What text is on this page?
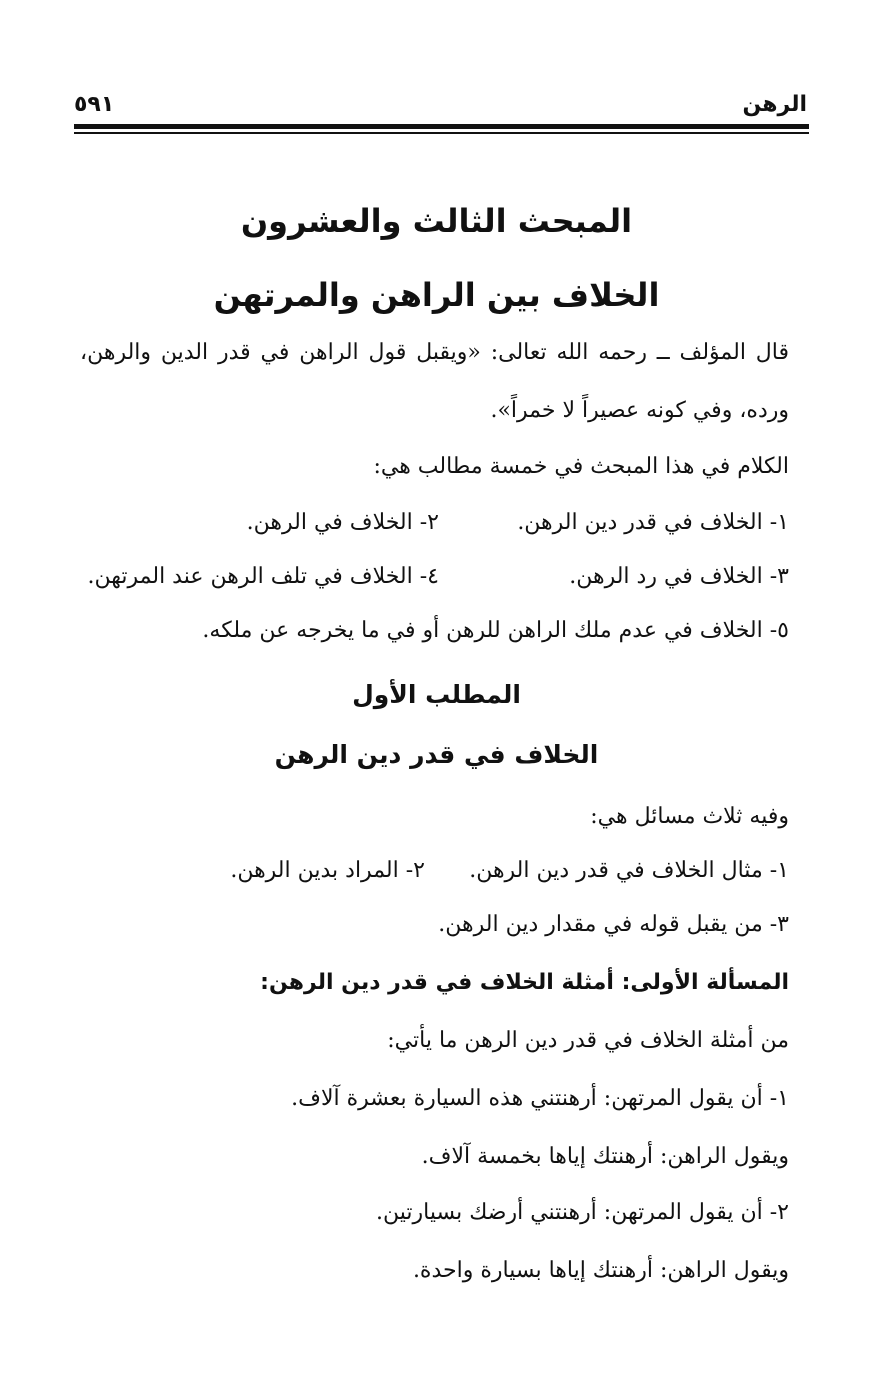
الرهن
٥٩١
المبحث الثالث والعشرون
الخلاف بين الراهن والمرتهن
قال المؤلف ــ رحمه الله تعالى: «ويقبل قول الراهن في قدر الدين والرهن،
ورده، وفي كونه عصيراً لا خمراً».
الكلام في هذا المبحث في خمسة مطالب هي:
١- الخلاف في قدر دين الرهن.
٢- الخلاف في الرهن.
٣- الخلاف في رد الرهن.
٤- الخلاف في تلف الرهن عند المرتهن.
٥- الخلاف في عدم ملك الراهن للرهن أو في ما يخرجه عن ملكه.
المطلب الأول
الخلاف في قدر دين الرهن
وفيه ثلاث مسائل هي:
١- مثال الخلاف في قدر دين الرهن.
٢- المراد بدين الرهن.
٣- من يقبل قوله في مقدار دين الرهن.
المسألة الأولى: أمثلة الخلاف في قدر دين الرهن:
من أمثلة الخلاف في قدر دين الرهن ما يأتي:
١- أن يقول المرتهن: أرهنتني هذه السيارة بعشرة آلاف.
ويقول الراهن: أرهنتك إياها بخمسة آلاف.
٢- أن يقول المرتهن: أرهنتني أرضك بسيارتين.
ويقول الراهن: أرهنتك إياها بسيارة واحدة.
